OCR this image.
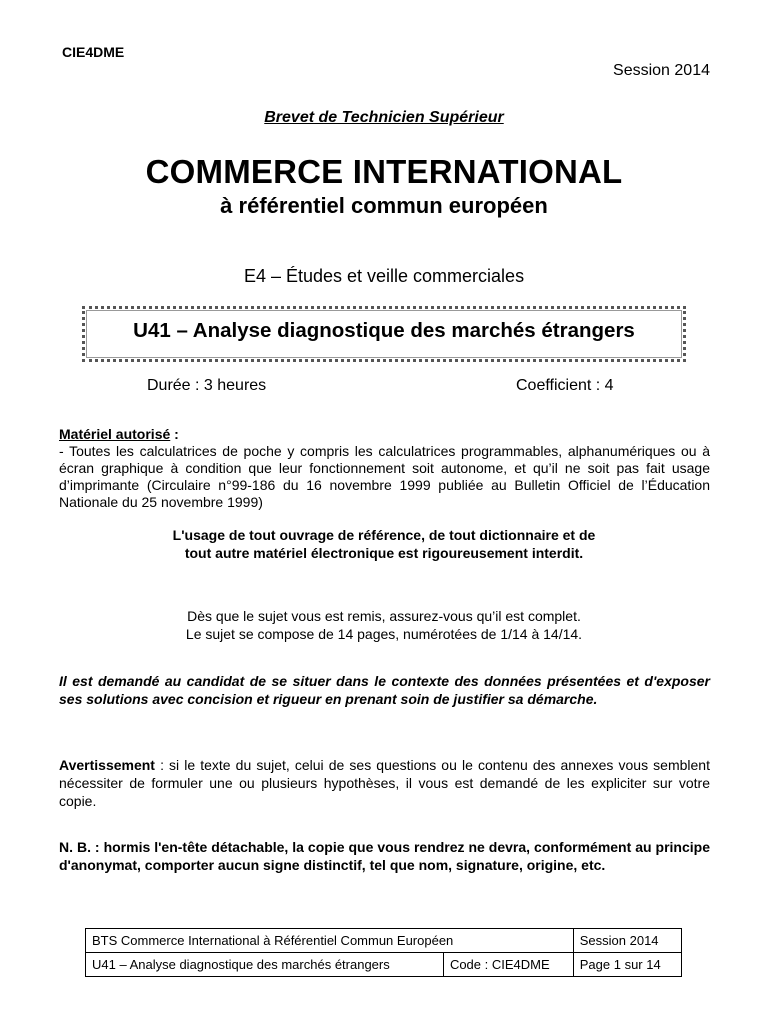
CIE4DME
Session 2014
Brevet de Technicien Supérieur
COMMERCE INTERNATIONAL
à référentiel commun européen
E4 – Études et veille commerciales
U41 – Analyse diagnostique des marchés étrangers
Durée : 3 heures	Coefficient : 4
Matériel autorisé :
- Toutes les calculatrices de poche y compris les calculatrices programmables, alphanumériques ou à écran graphique à condition que leur fonctionnement soit autonome, et qu’il ne soit pas fait usage d’imprimante (Circulaire n°99-186 du 16 novembre 1999 publiée au Bulletin Officiel de l’Éducation Nationale du 25 novembre 1999)
L'usage de tout ouvrage de référence, de tout dictionnaire et de
tout autre matériel électronique est rigoureusement interdit.
Dès que le sujet vous est remis, assurez-vous qu’il est complet.
Le sujet se compose de 14 pages, numérotées de 1/14 à 14/14.
Il est demandé au candidat de se situer dans le contexte des données présentées et d'exposer ses solutions avec concision et rigueur en prenant soin de justifier sa démarche.
Avertissement : si le texte du sujet, celui de ses questions ou le contenu des annexes vous semblent nécessiter de formuler une ou plusieurs hypothèses, il vous est demandé de les expliciter sur votre copie.
N. B. : hormis l'en-tête détachable, la copie que vous rendrez ne devra, conformément au principe d'anonymat, comporter aucun signe distinctif, tel que nom, signature, origine, etc.
BTS Commerce International à Référentiel Commun Européen		Session 2014
U41 – Analyse diagnostique des marchés étrangers	Code : CIE4DME	Page 1 sur 14
